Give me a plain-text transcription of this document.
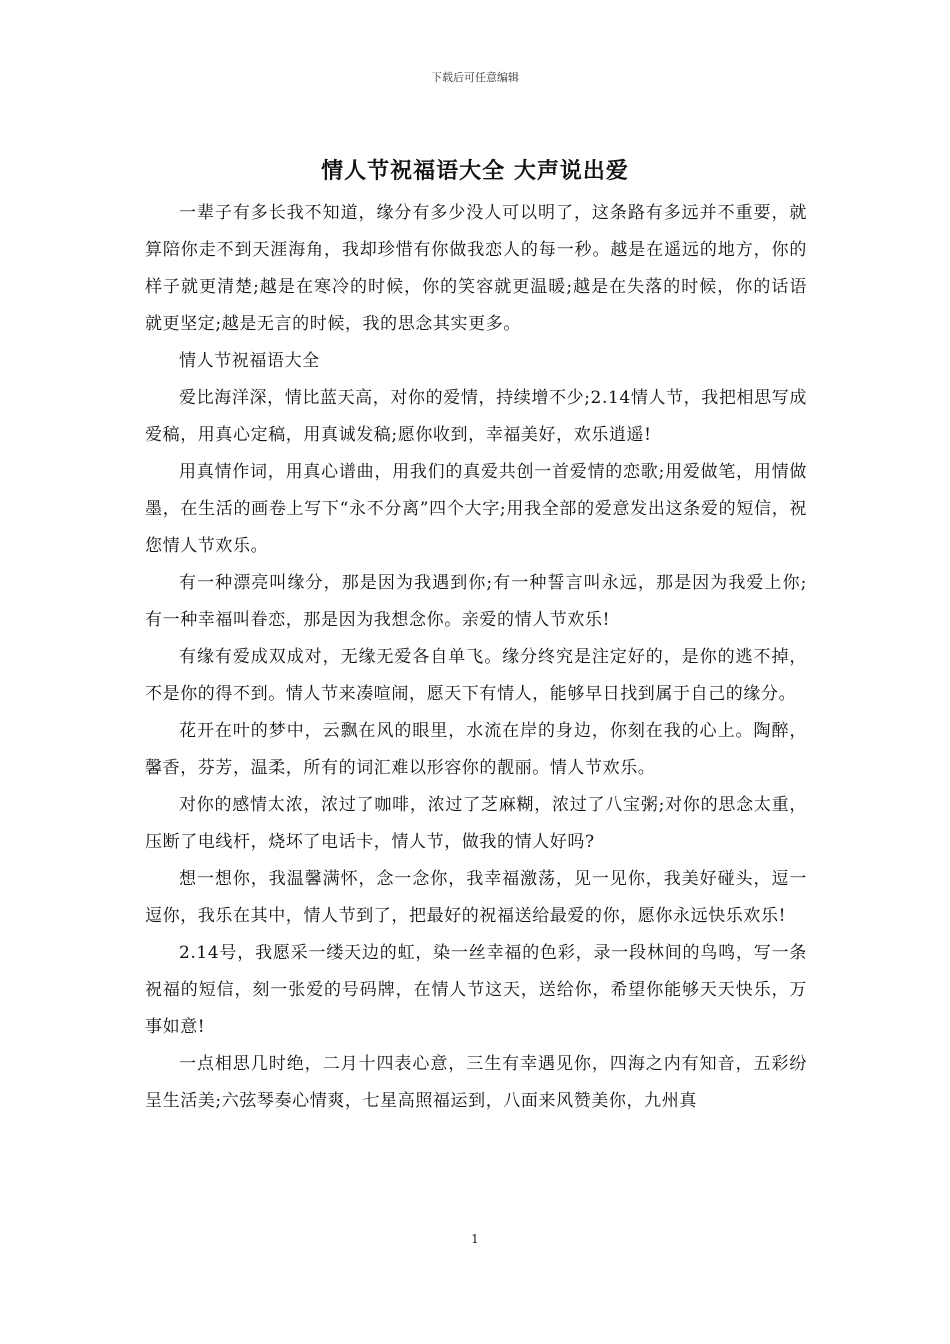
下载后可任意编辑
情人节祝福语大全 大声说出爱

一辈子有多长我不知道，缘分有多少没人可以明了，这条路有多远并不重要，就算陪你走不到天涯海角，我却珍惜有你做我恋人的每一秒。越是在遥远的地方，你的样子就更清楚;越是在寒冷的时候，你的笑容就更温暖;越是在失落的时候，你的话语就更坚定;越是无言的时候，我的思念其实更多。

情人节祝福语大全

爱比海洋深，情比蓝天高，对你的爱情，持续增不少;2.14情人节，我把相思写成爱稿，用真心定稿，用真诚发稿;愿你收到，幸福美好，欢乐逍遥!

用真情作词，用真心谱曲，用我们的真爱共创一首爱情的恋歌;用爱做笔，用情做墨，在生活的画卷上写下“永不分离”四个大字;用我全部的爱意发出这条爱的短信，祝您情人节欢乐。

有一种漂亮叫缘分，那是因为我遇到你;有一种誓言叫永远，那是因为我爱上你;有一种幸福叫眷恋，那是因为我想念你。亲爱的情人节欢乐!

有缘有爱成双成对，无缘无爱各自单飞。缘分终究是注定好的，是你的逃不掉，不是你的得不到。情人节来凑喧闹，愿天下有情人，能够早日找到属于自己的缘分。

花开在叶的梦中，云飘在风的眼里，水流在岸的身边，你刻在我的心上。陶醉，馨香，芬芳，温柔，所有的词汇难以形容你的靓丽。情人节欢乐。

对你的感情太浓，浓过了咖啡，浓过了芝麻糊，浓过了八宝粥;对你的思念太重，压断了电线杆，烧坏了电话卡，情人节，做我的情人好吗?

想一想你，我温馨满怀，念一念你，我幸福激荡，见一见你，我美好碰头，逗一逗你，我乐在其中，情人节到了，把最好的祝福送给最爱的你，愿你永远快乐欢乐!

2.14号，我愿采一缕天边的虹，染一丝幸福的色彩，录一段林间的鸟鸣，写一条祝福的短信，刻一张爱的号码牌，在情人节这天，送给你，希望你能够天天快乐，万事如意!

一点相思几时绝，二月十四表心意，三生有幸遇见你，四海之内有知音，五彩纷呈生活美;六弦琴奏心情爽，七星高照福运到，八面来风赞美你，九州真

1
